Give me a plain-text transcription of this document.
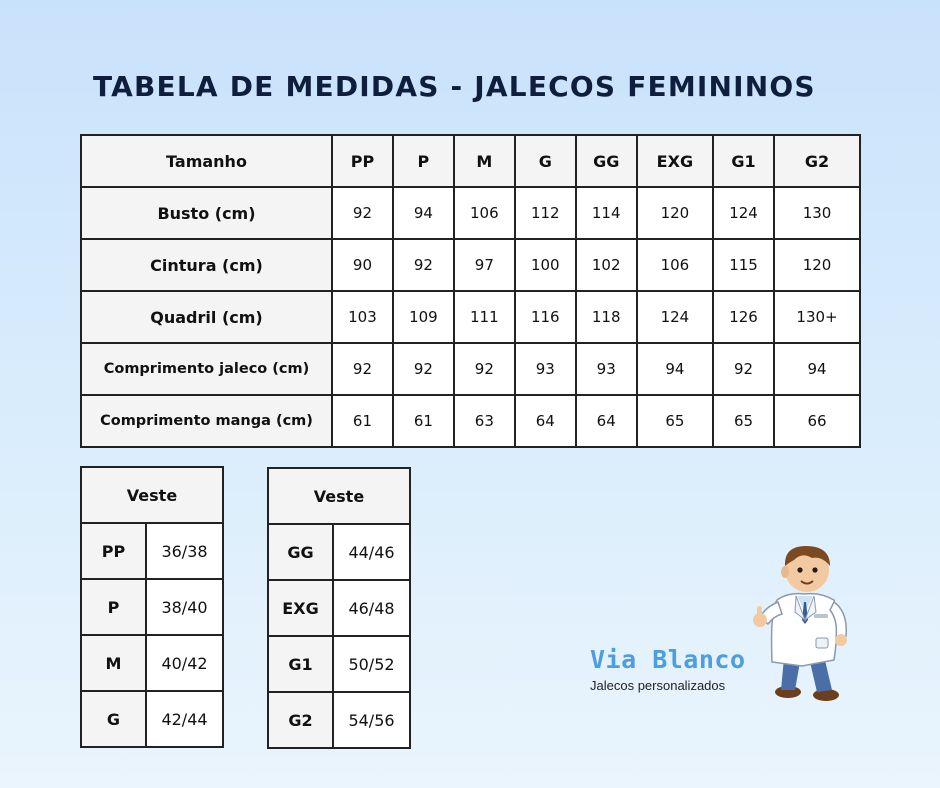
TABELA DE MEDIDAS - JALECOS FEMININOS
Tamanho	PP	P	M	G	GG	EXG	G1	G2
Busto (cm)	92	94	106	112	114	120	124	130
Cintura (cm)	90	92	97	100	102	106	115	120
Quadril (cm)	103	109	111	116	118	124	126	130+
Comprimento jaleco (cm)	92	92	92	93	93	94	92	94
Comprimento manga (cm)	61	61	63	64	64	65	65	66
Veste	
PP	36/38
P	38/40
M	40/42
G	42/44
Veste	
GG	44/46
EXG	46/48
G1	50/52
G2	54/56
Via Blanco
Jalecos personalizados
